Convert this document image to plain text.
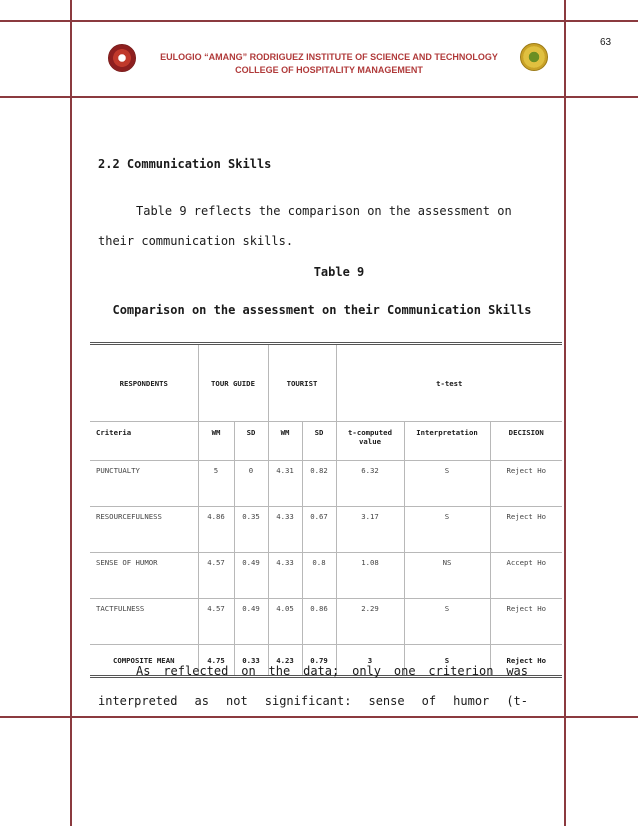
63
EULOGIO “AMANG” RODRIGUEZ INSTITUTE OF SCIENCE AND TECHNOLOGY
COLLEGE OF HOSPITALITY MANAGEMENT
2.2 Communication Skills
Table 9 reflects the comparison on the assessment on their communication skills.
Table 9
Comparison on the assessment on their Communication Skills
RESPONDENTS	TOUR GUIDE		TOURIST		t-test		
Criteria	WM	SD	WM	SD	t-computed value	Interpretation	DECISION
PUNCTUALTY	5	0	4.31	0.82	6.32	S	Reject Ho
RESOURCEFULNESS	4.86	0.35	4.33	0.67	3.17	S	Reject Ho
SENSE OF HUMOR	4.57	0.49	4.33	0.8	1.08	NS	Accept Ho
TACTFULNESS	4.57	0.49	4.05	0.86	2.29	S	Reject Ho
COMPOSITE MEAN	4.75	0.33	4.23	0.79	3	S	Reject Ho
As reflected on the data; only one criterion was
interpreted as not significant: sense of humor (t-
